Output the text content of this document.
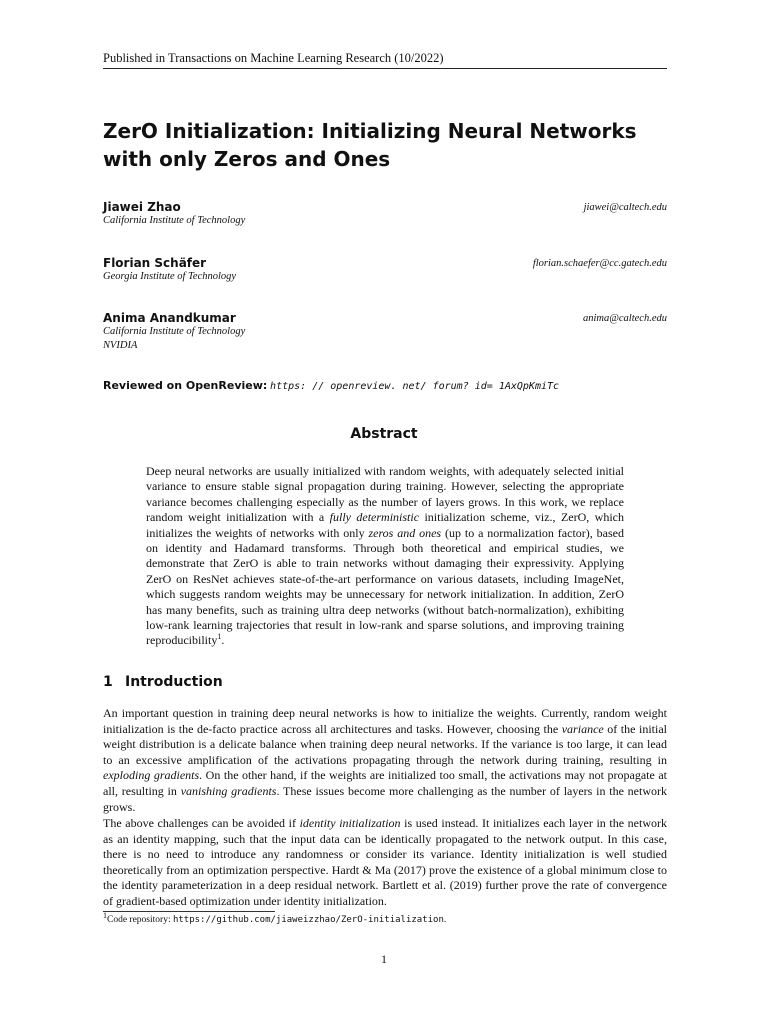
Published in Transactions on Machine Learning Research (10/2022)
ZerO Initialization: Initializing Neural Networks with only Zeros and Ones
Jiawei Zhao
California Institute of Technology
jiawei@caltech.edu
Florian Schäfer
Georgia Institute of Technology
florian.schaefer@cc.gatech.edu
Anima Anandkumar
California Institute of Technology
NVIDIA
anima@caltech.edu
Reviewed on OpenReview: https: // openreview. net/ forum? id= 1AxQpKmiTc
Abstract

Deep neural networks are usually initialized with random weights, with adequately selected initial variance to ensure stable signal propagation during training. However, selecting the appropriate variance becomes challenging especially as the number of layers grows. In this work, we replace random weight initialization with a fully deterministic initialization scheme, viz., ZerO, which initializes the weights of networks with only zeros and ones (up to a normalization factor), based on identity and Hadamard transforms. Through both theoretical and empirical studies, we demonstrate that ZerO is able to train networks without damaging their expressivity. Applying ZerO on ResNet achieves state-of-the-art performance on various datasets, including ImageNet, which suggests random weights may be unnecessary for network initialization. In addition, ZerO has many benefits, such as training ultra deep networks (without batch-normalization), exhibiting low-rank learning trajectories that result in low-rank and sparse solutions, and improving training reproducibility$^1$.

1 Introduction

An important question in training deep neural networks is how to initialize the weights. Currently, random weight initialization is the de-facto practice across all architectures and tasks. However, choosing the variance of the initial weight distribution is a delicate balance when training deep neural networks. If the variance is too large, it can lead to an excessive amplification of the activations propagating through the network during training, resulting in exploding gradients. On the other hand, if the weights are initialized too small, the activations may not propagate at all, resulting in vanishing gradients. These issues become more challenging as the number of layers in the network grows.

The above challenges can be avoided if identity initialization is used instead. It initializes each layer in the network as an identity mapping, such that the input data can be identically propagated to the network output. In this case, there is no need to introduce any randomness or consider its variance. Identity initialization is well studied theoretically from an optimization perspective. Hardt & Ma (2017) prove the existence of a global minimum close to the identity parameterization in a deep residual network. Bartlett et al. (2019) further prove the rate of convergence of gradient-based optimization under identity initialization.

$^1$Code repository: https://github.com/jiaweizzhao/ZerO-initialization.
1
